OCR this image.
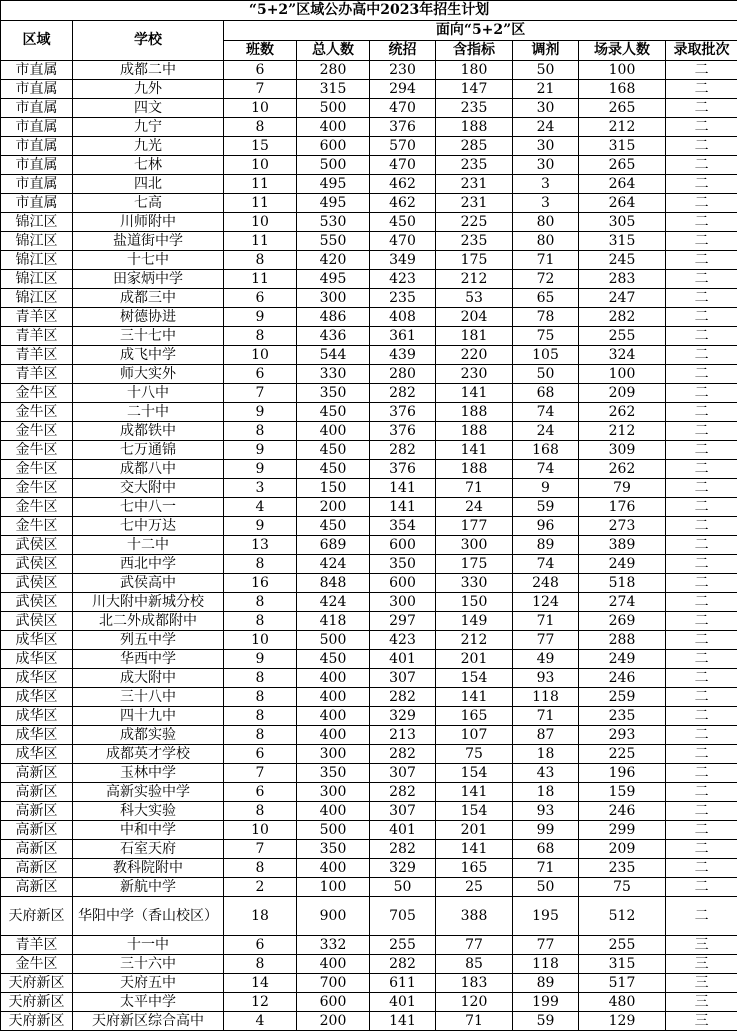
“5+2”区域公办高中2023年招生计划								
区域	学校	面向“5+2”区						
		班数	总人数	统招	含指标	调剂	场录人数	录取批次
市直属	成都二中	6	280	230	180	50	100	二
市直属	九外	7	315	294	147	21	168	二
市直属	四文	10	500	470	235	30	265	二
市直属	九宁	8	400	376	188	24	212	二
市直属	九光	15	600	570	285	30	315	二
市直属	七林	10	500	470	235	30	265	二
市直属	四北	11	495	462	231	3	264	二
市直属	七高	11	495	462	231	3	264	二
锦江区	川师附中	10	530	450	225	80	305	二
锦江区	盐道街中学	11	550	470	235	80	315	二
锦江区	十七中	8	420	349	175	71	245	二
锦江区	田家炳中学	11	495	423	212	72	283	二
锦江区	成都三中	6	300	235	53	65	247	二
青羊区	树德协进	9	486	408	204	78	282	二
青羊区	三十七中	8	436	361	181	75	255	二
青羊区	成飞中学	10	544	439	220	105	324	二
青羊区	师大实外	6	330	280	230	50	100	二
金牛区	十八中	7	350	282	141	68	209	二
金牛区	二十中	9	450	376	188	74	262	二
金牛区	成都铁中	8	400	376	188	24	212	二
金牛区	七万通锦	9	450	282	141	168	309	二
金牛区	成都八中	9	450	376	188	74	262	二
金牛区	交大附中	3	150	141	71	9	79	二
金牛区	七中八一	4	200	141	24	59	176	二
金牛区	七中万达	9	450	354	177	96	273	二
武侯区	十二中	13	689	600	300	89	389	二
武侯区	西北中学	8	424	350	175	74	249	二
武侯区	武侯高中	16	848	600	330	248	518	二
武侯区	川大附中新城分校	8	424	300	150	124	274	二
武侯区	北二外成都附中	8	418	297	149	71	269	二
成华区	列五中学	10	500	423	212	77	288	二
成华区	华西中学	9	450	401	201	49	249	二
成华区	成大附中	8	400	307	154	93	246	二
成华区	三十八中	8	400	282	141	118	259	二
成华区	四十九中	8	400	329	165	71	235	二
成华区	成都实验	8	400	213	107	87	293	二
成华区	成都英才学校	6	300	282	75	18	225	二
高新区	玉林中学	7	350	307	154	43	196	二
高新区	高新实验中学	6	300	282	141	18	159	二
高新区	科大实验	8	400	307	154	93	246	二
高新区	中和中学	10	500	401	201	99	299	二
高新区	石室天府	7	350	282	141	68	209	二
高新区	教科院附中	8	400	329	165	71	235	二
高新区	新航中学	2	100	50	25	50	75	二
天府新区	华阳中学（香山校区）	18	900	705	388	195	512	二
青羊区	十一中	6	332	255	77	77	255	三
金牛区	三十六中	8	400	282	85	118	315	三
天府新区	天府五中	14	700	611	183	89	517	三
天府新区	太平中学	12	600	401	120	199	480	三
天府新区	天府新区综合高中	4	200	141	71	59	129	三
